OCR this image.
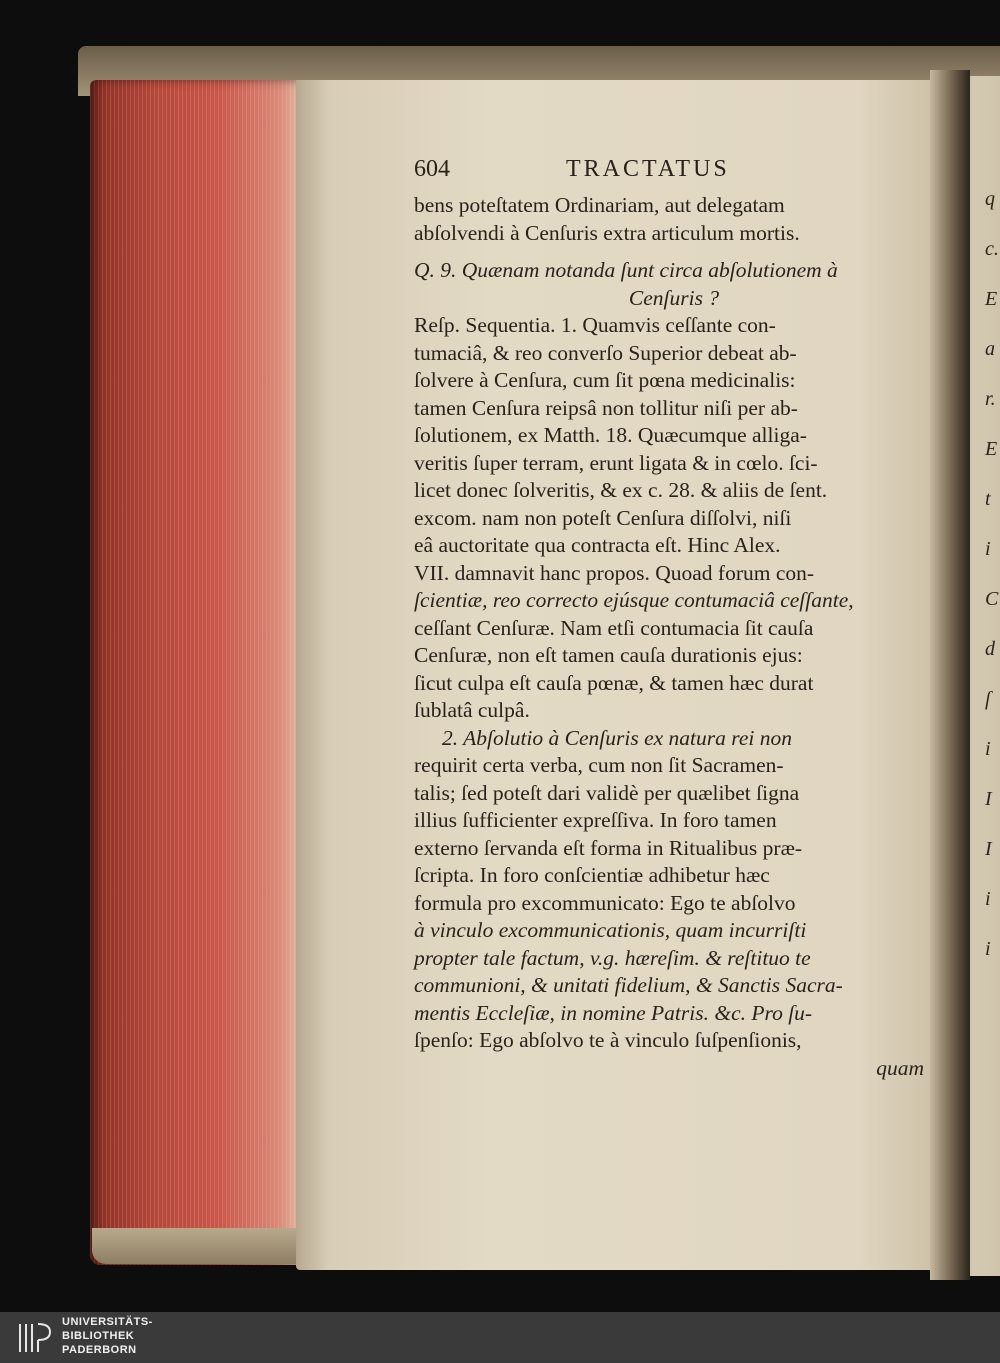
q
c.
E
a
r.
E
t
i
C
d
ſ
i
I
I
i
i
604	TRACTATUS
bens poteſtatem Ordinariam, aut delegatam
abſolvendi à Cenſuris extra articulum mortis.
Q. 9. Quænam notanda ſunt circa abſolutionem à
Cenſuris ?
Reſp. Sequentia. 1. Quamvis ceſſante con-
tumaciâ, & reo converſo Superior debeat ab-
ſolvere à Cenſura, cum ſit pœna medicinalis:
tamen Cenſura reipsâ non tollitur niſi per ab-
ſolutionem, ex Matth. 18. Quæcumque alliga-
veritis ſuper terram, erunt ligata & in cœlo. ſci-
licet donec ſolveritis, & ex c. 28. & aliis de ſent.
excom. nam non poteſt Cenſura diſſolvi, niſi
eâ auctoritate qua contracta eſt. Hinc Alex.
VII. damnavit hanc propos. Quoad forum con-
ſcientiæ, reo correcto ejúsque contumaciâ ceſſante,
ceſſant Cenſuræ. Nam etſi contumacia ſit cauſa
Cenſuræ, non eſt tamen cauſa durationis ejus:
ſicut culpa eſt cauſa pœnæ, & tamen hæc durat
ſublatâ culpâ.
2. Abſolutio à Cenſuris ex natura rei non
requirit certa verba, cum non ſit Sacramen-
talis; ſed poteſt dari validè per quælibet ſigna
illius ſufficienter expreſſiva. In foro tamen
externo ſervanda eſt forma in Ritualibus præ-
ſcripta. In foro conſcientiæ adhibetur hæc
formula pro excommunicato: Ego te abſolvo
à vinculo excommunicationis, quam incurriſti
propter tale factum, v.g. hæreſim. & reſtituo te
communioni, & unitati fidelium, & Sanctis Sacra-
mentis Eccleſiæ, in nomine Patris. &c. Pro ſu-
ſpenſo: Ego abſolvo te à vinculo ſuſpenſionis,
quam
UNIVERSITÄTS-
BIBLIOTHEK
PADERBORN
